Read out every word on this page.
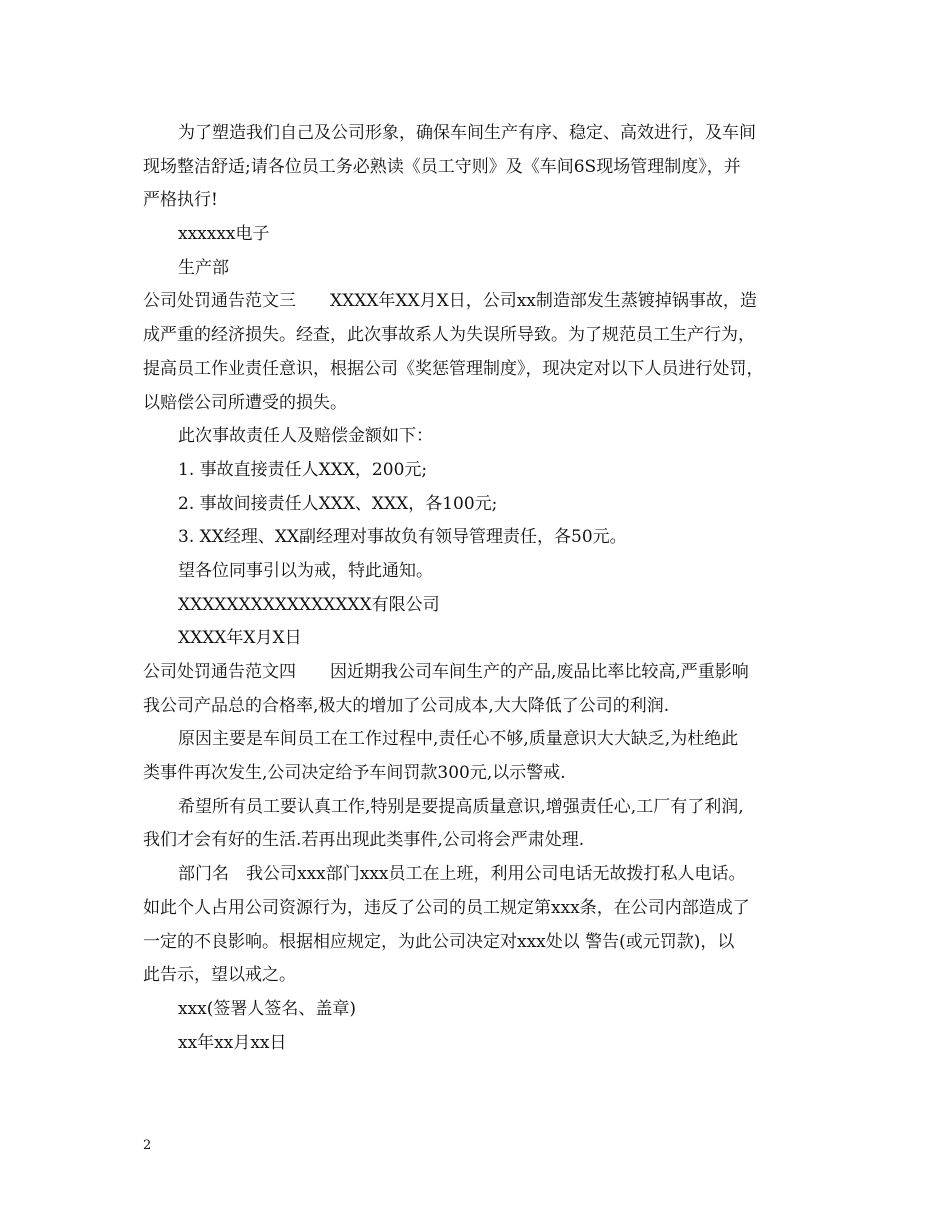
为了塑造我们自己及公司形象，确保车间生产有序、稳定、高效进行，及车间
现场整洁舒适;请各位员工务必熟读《员工守则》及《车间6S现场管理制度》，并
严格执行!
xxxxxx电子
生产部
公司处罚通告范文三　　XXXX年XX月X日，公司xx制造部发生蒸镀掉锅事故，造
成严重的经济损失。经查，此次事故系人为失误所导致。为了规范员工生产行为，
提高员工作业责任意识，根据公司《奖惩管理制度》，现决定对以下人员进行处罚，
以赔偿公司所遭受的损失。
此次事故责任人及赔偿金额如下：
1. 事故直接责任人XXX，200元;
2. 事故间接责任人XXX、XXX，各100元;
3. XX经理、XX副经理对事故负有领导管理责任，各50元。
望各位同事引以为戒，特此通知。
XXXXXXXXXXXXXXXX有限公司
XXXX年X月X日
公司处罚通告范文四　　因近期我公司车间生产的产品,废品比率比较高,严重影响
我公司产品总的合格率,极大的增加了公司成本,大大降低了公司的利润.
原因主要是车间员工在工作过程中,责任心不够,质量意识大大缺乏,为杜绝此
类事件再次发生,公司决定给予车间罚款300元,以示警戒.
希望所有员工要认真工作,特别是要提高质量意识,增强责任心,工厂有了利润,
我们才会有好的生活.若再出现此类事件,公司将会严肃处理.
部门名　我公司xxx部门xxx员工在上班，利用公司电话无故拨打私人电话。
如此个人占用公司资源行为，违反了公司的员工规定第xxx条，在公司内部造成了
一定的不良影响。根据相应规定，为此公司决定对xxx处以 警告(或元罚款)，以
此告示，望以戒之。
xxx(签署人签名、盖章)
xx年xx月xx日
2
